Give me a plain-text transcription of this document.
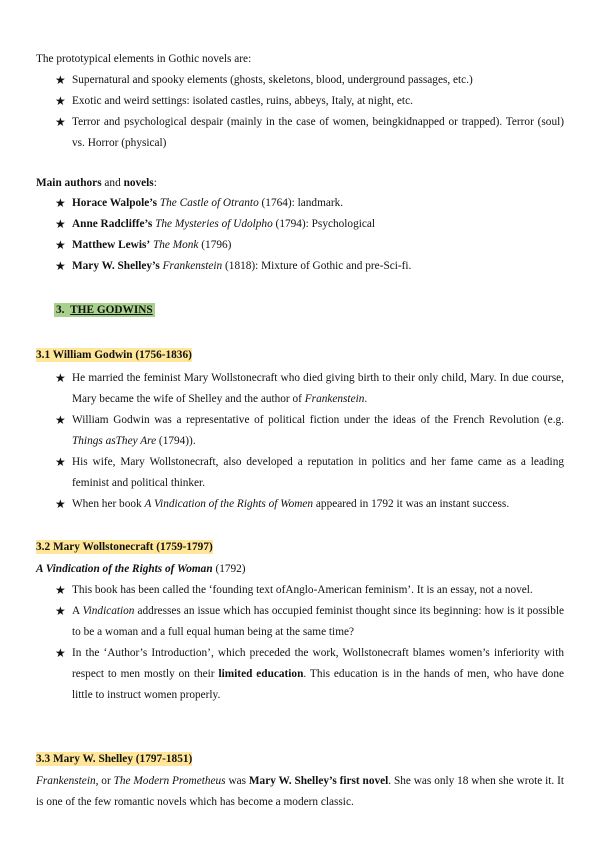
The prototypical elements in Gothic novels are:

★ Supernatural and spooky elements (ghosts, skeletons, blood, underground passages, etc.)
★ Exotic and weird settings: isolated castles, ruins, abbeys, Italy, at night, etc.
★ Terror and psychological despair (mainly in the case of women, beingkidnapped or trapped). Terror (soul) vs. Horror (physical)

Main authors and novels:

★ Horace Walpole’s The Castle of Otranto (1764): landmark.
★ Anne Radcliffe’s The Mysteries of Udolpho (1794): Psychological
★ Matthew Lewis’ The Monk (1796)
★ Mary W. Shelley’s Frankenstein (1818): Mixture of Gothic and pre-Sci-fi.

3. THE GODWINS

3.1 William Godwin (1756-1836)

★ He married the feminist Mary Wollstonecraft who died giving birth to their only child, Mary. In due course, Mary became the wife of Shelley and the author of Frankenstein.
★ William Godwin was a representative of political fiction under the ideas of the French Revolution (e.g. Things asThey Are (1794)).
★ His wife, Mary Wollstonecraft, also developed a reputation in politics and her fame came as a leading feminist and political thinker.
★ When her book A Vindication of the Rights of Women appeared in 1792 it was an instant success.

3.2 Mary Wollstonecraft (1759-1797)

A Vindication of the Rights of Woman (1792)

★ This book has been called the ‘founding text ofAnglo-American feminism’. It is an essay, not a novel.
★ A Vindication addresses an issue which has occupied feminist thought since its beginning: how is it possible to be a woman and a full equal human being at the same time?
★ In the ‘Author’s Introduction’, which preceded the work, Wollstonecraft blames women’s inferiority with respect to men mostly on their limited education. This education is in the hands of men, who have done little to instruct women properly.

3.3 Mary W. Shelley (1797-1851)

Frankenstein, or The Modern Prometheus was Mary W. Shelley’s first novel. She was only 18 when she wrote it. It is one of the few romantic novels which has become a modern classic.
